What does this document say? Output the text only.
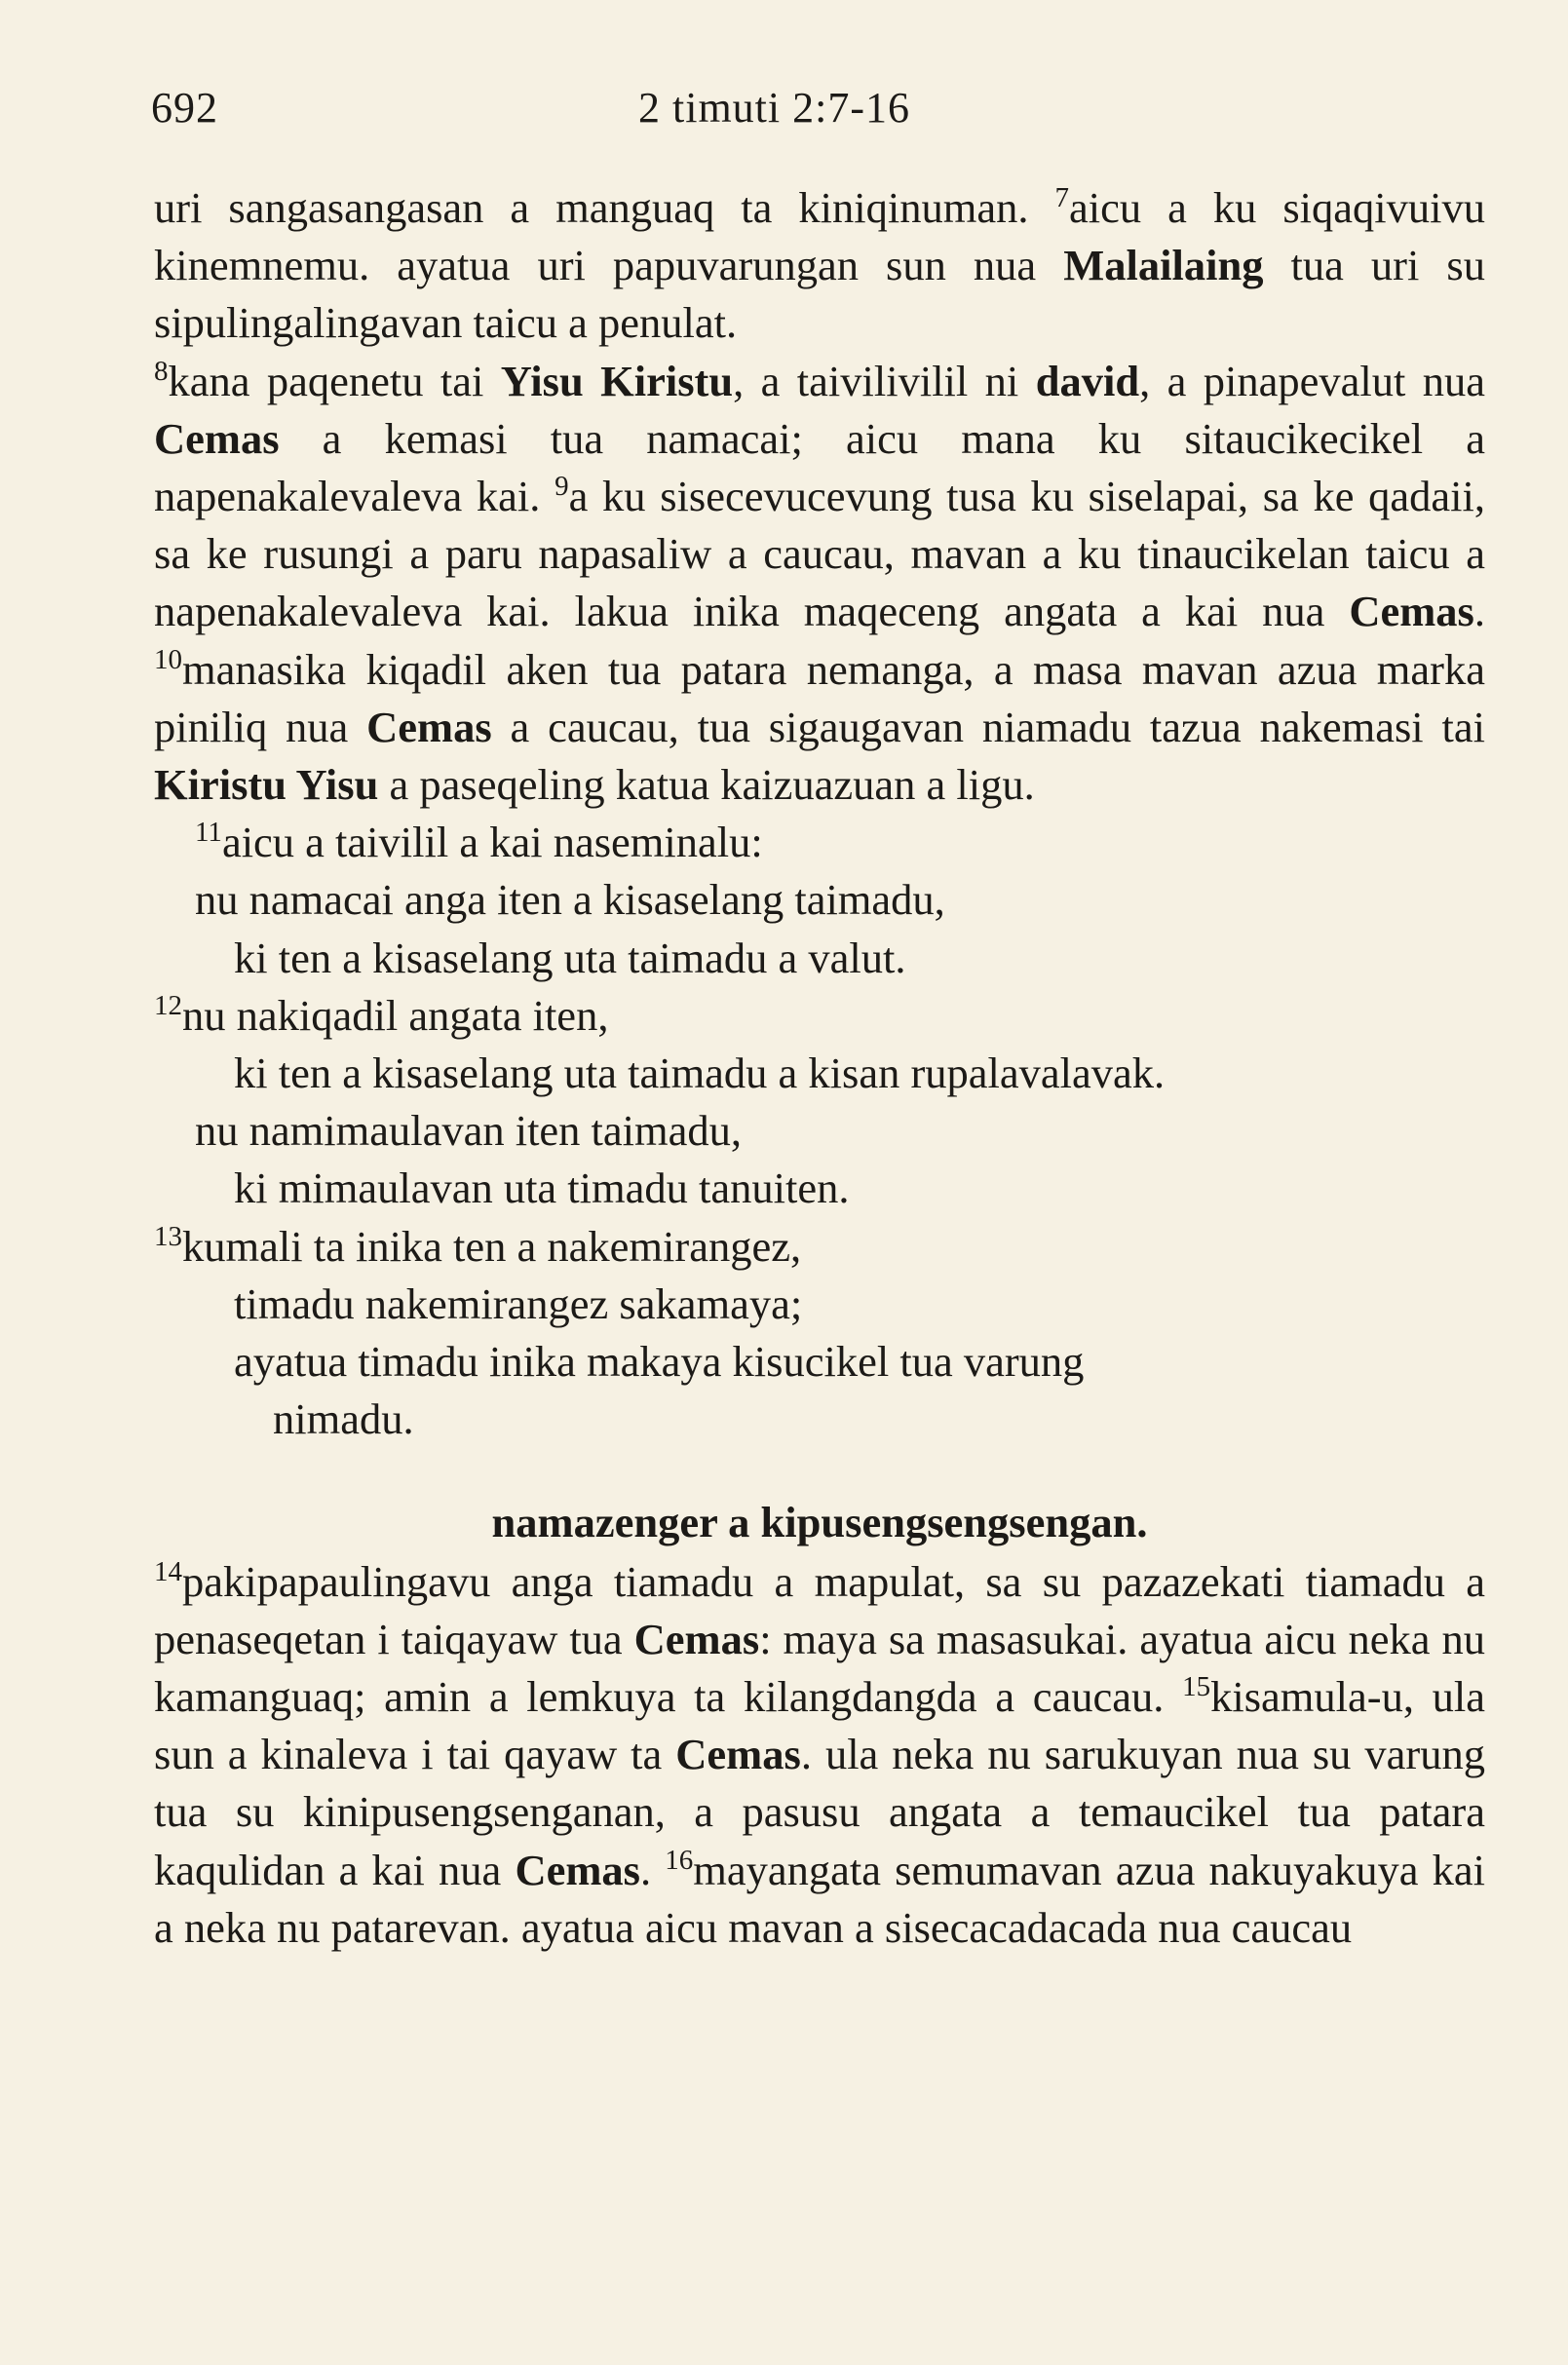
692	2 timuti 2:7-16

uri sangasangasan a manguaq ta kiniqinuman. $^7$aicu a ku siqaqivuivu kinemnemu. ayatua uri papuvarungan sun nua Malailaing tua uri su sipulingalingavan taicu a penulat.

$^8$kana paqenetu tai Yisu Kiristu, a taivilivilil ni david, a pinapevalut nua Cemas a kemasi tua namacai; aicu mana ku sitaucikecikel a napenakalevaleva kai. $^9$a ku sisecevucevung tusa ku siselapai, sa ke qadaii, sa ke rusungi a paru napasaliw a caucau, mavan a ku tinaucikelan taicu a napenakalevaleva kai. lakua inika maqeceng angata a kai nua Cemas. $^{10}$manasika kiqadil aken tua patara nemanga, a masa mavan azua marka piniliq nua Cemas a caucau, tua sigaugavan niamadu tazua nakemasi tai Kiristu Yisu a paseqeling katua kaizuazuan a ligu.

$^{11}$aicu a taivilil a kai naseminalu:
nu namacai anga iten a kisaselang taimadu,
ki ten a kisaselang uta taimadu a valut.
$^{12}$nu nakiqadil angata iten,
ki ten a kisaselang uta taimadu a kisan rupalavalavak.
nu namimaulavan iten taimadu,
ki mimaulavan uta timadu tanuiten.
$^{13}$kumali ta inika ten a nakemirangez,
timadu nakemirangez sakamaya;
ayatua timadu inika makaya kisucikel tua varung
nimadu.
namazenger a kipusengsengsengan.

$^{14}$pakipapaulingavu anga tiamadu a mapulat, sa su pazazekati tiamadu a penaseqetan i taiqayaw tua Cemas: maya sa masasukai. ayatua aicu neka nu kamanguaq; amin a lemkuya ta kilangdangda a caucau. $^{15}$kisamula-u, ula sun a kinaleva i tai qayaw ta Cemas. ula neka nu sarukuyan nua su varung tua su kinipusengsenganan, a pasusu angata a temaucikel tua patara kaqulidan a kai nua Cemas. $^{16}$mayangata semumavan azua nakuyakuya kai a neka nu patarevan. ayatua aicu mavan a sisecacadacada nua caucau
